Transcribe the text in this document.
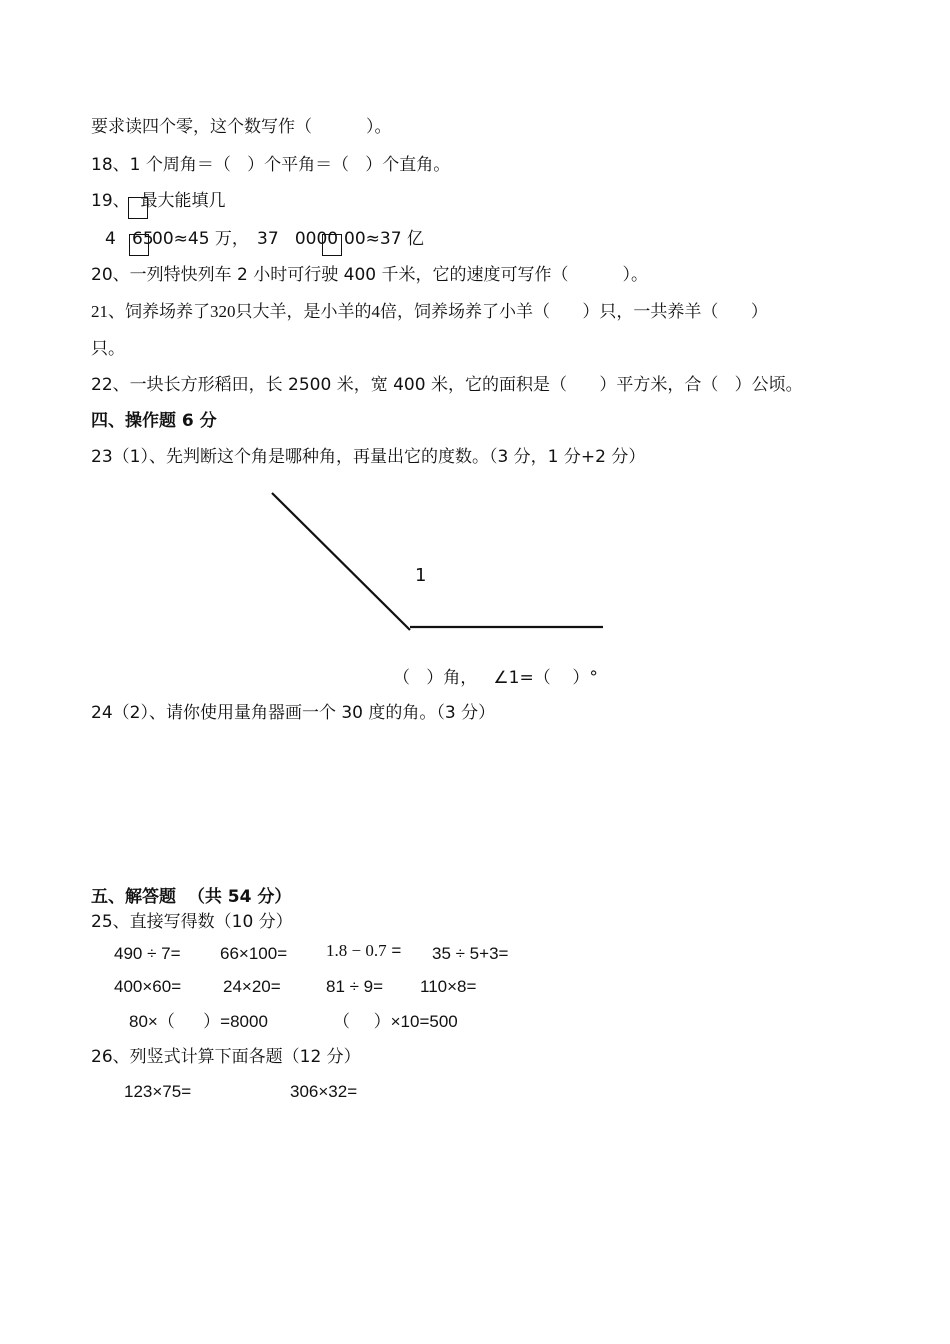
要求读四个零，这个数写作（          ）。
18、1 个周角＝（   ）个平角＝（   ）个直角。
19、  最大能填几
4   65
00≈45 万， 37   0000 00≈37 亿
20、一列特快列车 2 小时可行驶 400 千米，它的速度可写作（          ）。
21、饲养场养了320只大羊，是小羊的4倍，饲养场养了小羊（      ）只，一共养羊（      ）
只。
22、一块长方形稻田，长 2500 米，宽 400 米，它的面积是（      ）平方米，合（   ）公顷。
四、操作题 6 分
23（1）、先判断这个角是哪种角，再量出它的度数。（3 分，1 分+2 分）
1
（   ）角，   ∠1=（    ）°
24（2）、请你使用量角器画一个 30 度的角。（3 分）
五、解答题  （共 54 分）
25、直接写得数（10 分）
490 ÷ 7= 66×100= 1.8 − 0.7 = 35 ÷ 5+3=
400×60= 24×20=	81 ÷ 9= 110×8=
80×（      ）=8000	（     ）×10=500
26、列竖式计算下面各题（12 分）
123×75=	306×32=
